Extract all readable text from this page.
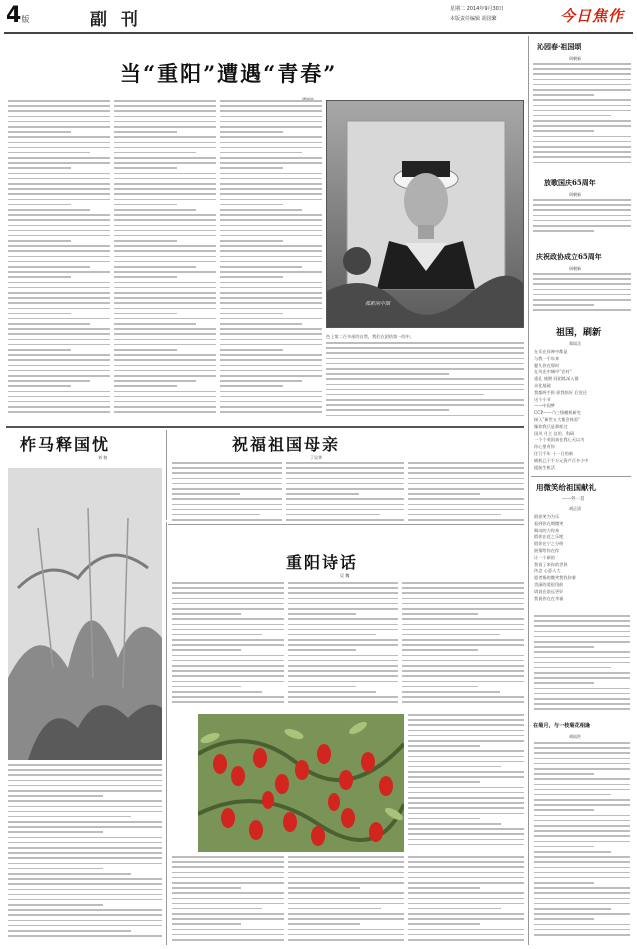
4版	副 刊
星期二 2014年9月30日
本版责任编辑 胡国繁	今日焦作
沁园春·祖国颂
周朝新
放歌国庆65周年
周朝新
庆祝政协成立65周年
周朝新
祖国，刷新
郑雨含
在乐在祥神中都是
与我一千年来
婴儿你在那时
在风光中城中“农村”
重孔 使期 同团练深入群
众化基础
我都两手抓 原我抓好 后党还
这个小节
——中国梦
CCP——乃三级模机研究
接入“新世五大集会体验”
像你我只是那样过
国风 月主 仪用、科研
一个个英国真在我心无以为
你心里有你
任行千年 十一日的新
铺机已于千万元资产百多小中
提前生机活
用微笑给祖国献礼
——外一首
胡正清
假你笑为为乐
看到你在期微笑
喝动的力你来
假你在花之乐吧
假你在宁之分明
展情给你在你
让一个新的
我说了来你的世界
传念 心意人大
愿者指的微笑我找你着
美丽的爱很用前
请说在说远更好
我说你在在幸福
在菊月，与一枝菊花相逢
胡雨洪
当“重阳”遭遇“青春”
孤影闲中图
色上第二百多部的自然，我们在团结第一的中。
柞马释国忧
刘 柏
祝福祖国母亲
丁吴华
重阳诗话
吴 魏
